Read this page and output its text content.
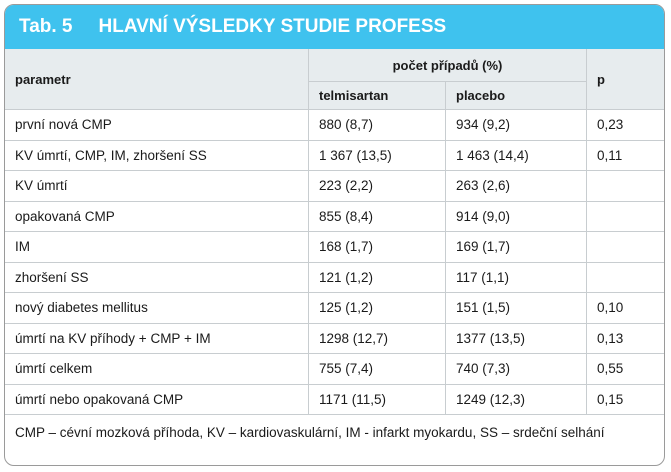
Tab. 5 HLAVNÍ VÝSLEDKY STUDIE PROFESS
parametr	počet případů (%)		p
	telmisartan	placebo	
první nová CMP	880 (8,7)	934 (9,2)	0,23
KV úmrtí, CMP, IM, zhoršení SS	1 367 (13,5)	1 463 (14,4)	0,11
KV úmrtí	223 (2,2)	263 (2,6)	
opakovaná CMP	855 (8,4)	914 (9,0)	
IM	168 (1,7)	169 (1,7)	
zhoršení SS	121 (1,2)	117 (1,1)	
nový diabetes mellitus	125 (1,2)	151 (1,5)	0,10
úmrtí na KV příhody + CMP + IM	1298 (12,7)	1377 (13,5)	0,13
úmrtí celkem	755 (7,4)	740 (7,3)	0,55
úmrtí nebo opakovaná CMP	1171 (11,5)	1249 (12,3)	0,15
CMP – cévní mozková příhoda, KV – kardiovaskulární, IM - infarkt myokardu, SS – srdeční selhání
